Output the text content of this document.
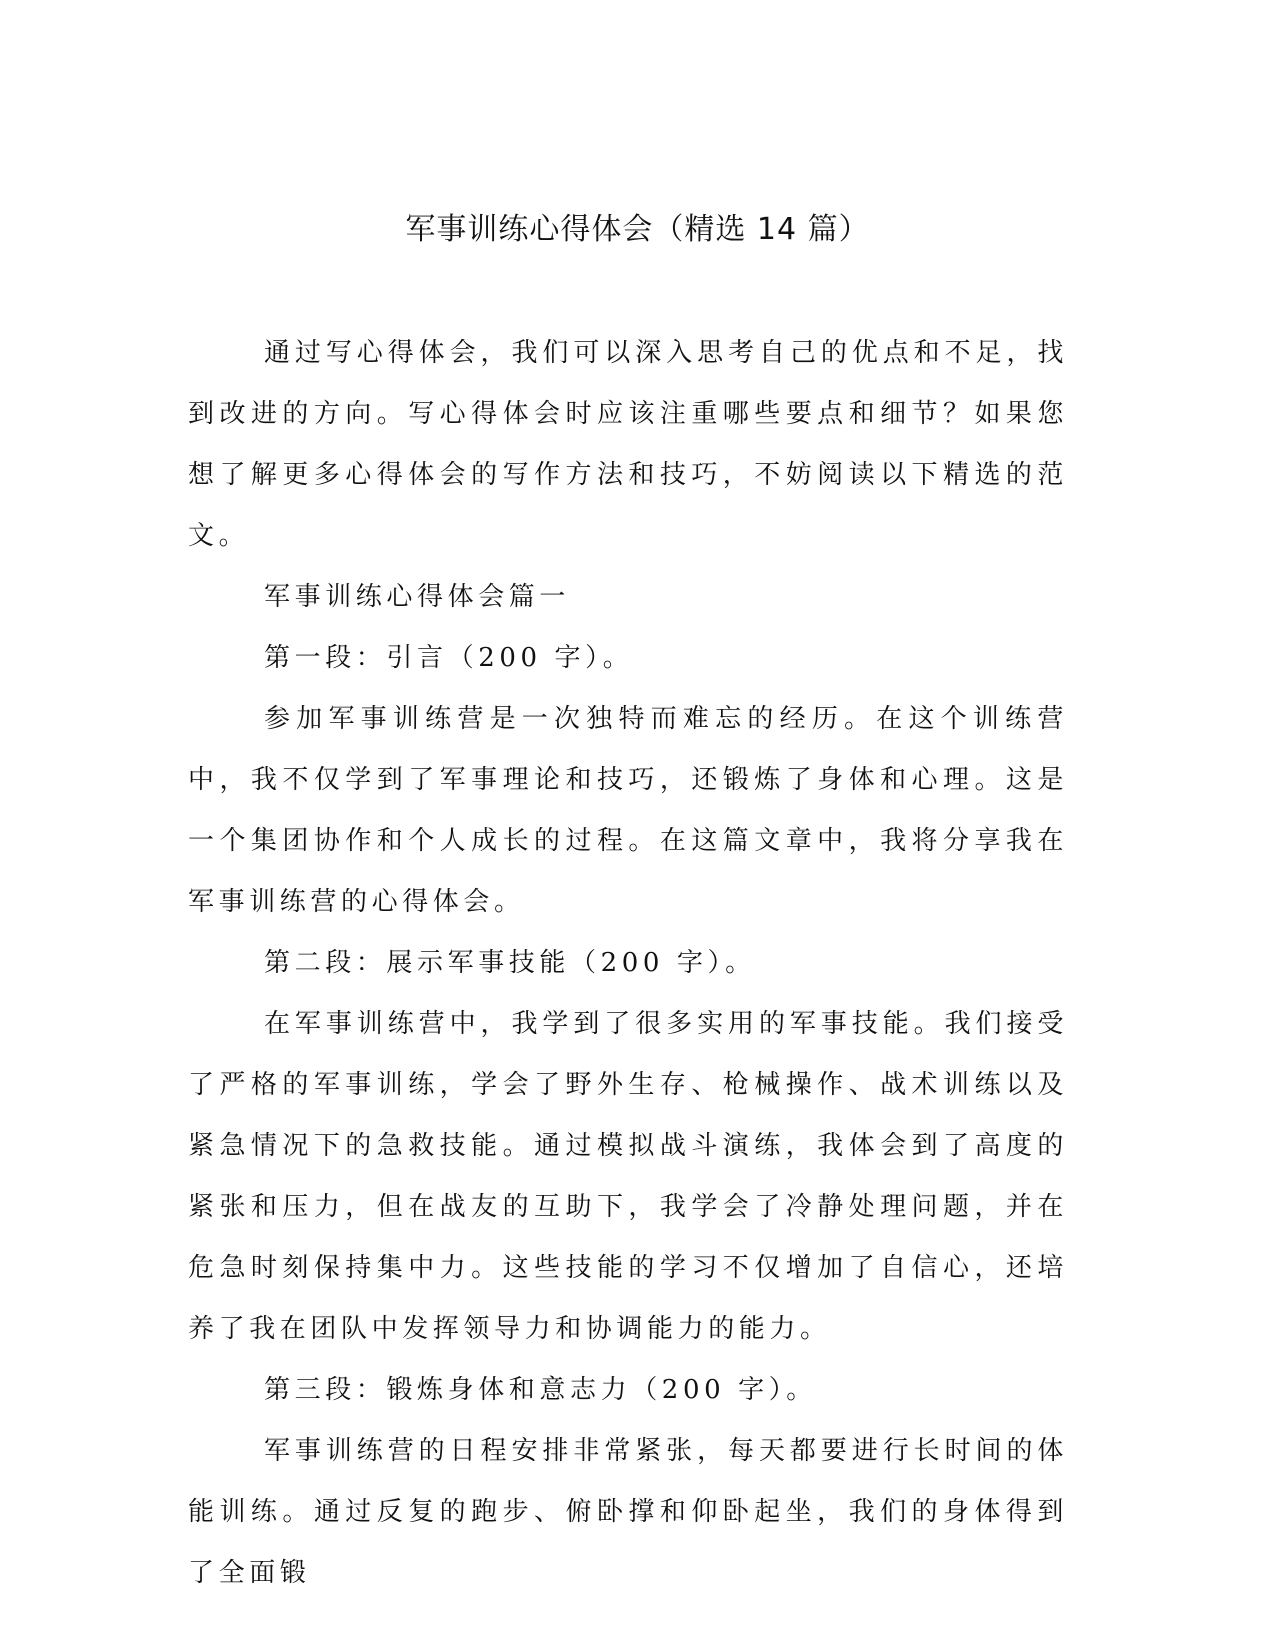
军事训练心得体会（精选 14 篇）

通过写心得体会，我们可以深入思考自己的优点和不足，找到改进的方向。写心得体会时应该注重哪些要点和细节？如果您想了解更多心得体会的写作方法和技巧，不妨阅读以下精选的范文。

军事训练心得体会篇一

第一段：引言（200 字）。

参加军事训练营是一次独特而难忘的经历。在这个训练营中，我不仅学到了军事理论和技巧，还锻炼了身体和心理。这是一个集团协作和个人成长的过程。在这篇文章中，我将分享我在军事训练营的心得体会。

第二段：展示军事技能（200 字）。

在军事训练营中，我学到了很多实用的军事技能。我们接受了严格的军事训练，学会了野外生存、枪械操作、战术训练以及紧急情况下的急救技能。通过模拟战斗演练，我体会到了高度的紧张和压力，但在战友的互助下，我学会了冷静处理问题，并在危急时刻保持集中力。这些技能的学习不仅增加了自信心，还培养了我在团队中发挥领导力和协调能力的能力。

第三段：锻炼身体和意志力（200 字）。

军事训练营的日程安排非常紧张，每天都要进行长时间的体能训练。通过反复的跑步、俯卧撑和仰卧起坐，我们的身体得到了全面锻
